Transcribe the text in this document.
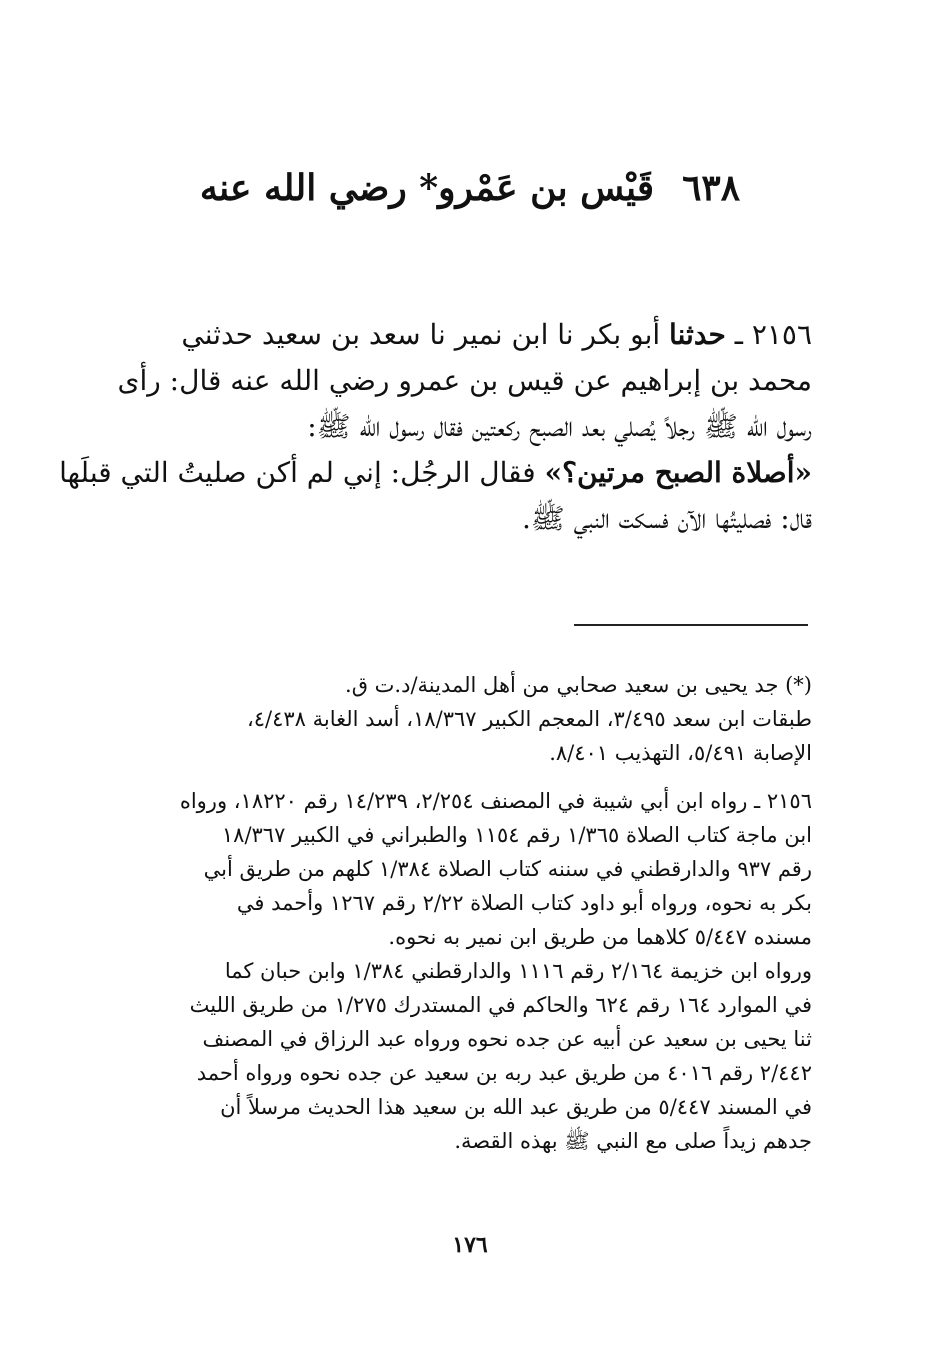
٦٣٨قَيْس بن عَمْرو* رضي الله عنه
٢١٥٦ ـ حدثنا أبو بكر نا ابن نمير نا سعد بن سعيد حدثني
محمد بن إبراهيم عن قيس بن عمرو رضي الله عنه قال: رأى
رسول الله ﷺ رجلاً يُصلي بعد الصبح ركعتين فقال رسول الله ﷺ:
«أصلاة الصبح مرتين؟» فقال الرجُل: إني لم أكن صليتُ التي قبلَها
قال: فصليتُها الآن فسكت النبي ﷺ.
(*) جد يحيى بن سعيد صحابي من أهل المدينة/د.ت ق.
طبقات ابن سعد ٣/٤٩٥، المعجم الكبير ١٨/٣٦٧، أسد الغابة ٤/٤٣٨،
الإصابة ٥/٤٩١، التهذيب ٨/٤٠١.
٢١٥٦ ـ رواه ابن أبي شيبة في المصنف ٢/٢٥٤، ١٤/٢٣٩ رقم ١٨٢٢٠، ورواه
ابن ماجة كتاب الصلاة ١/٣٦٥ رقم ١١٥٤ والطبراني في الكبير ١٨/٣٦٧
رقم ٩٣٧ والدارقطني في سننه كتاب الصلاة ١/٣٨٤ كلهم من طريق أبي
بكر به نحوه، ورواه أبو داود كتاب الصلاة ٢/٢٢ رقم ١٢٦٧ وأحمد في
مسنده ٥/٤٤٧ كلاهما من طريق ابن نمير به نحوه.
ورواه ابن خزيمة ٢/١٦٤ رقم ١١١٦ والدارقطني ١/٣٨٤ وابن حبان كما
في الموارد ١٦٤ رقم ٦٢٤ والحاكم في المستدرك ١/٢٧٥ من طريق الليث
ثنا يحيى بن سعيد عن أبيه عن جده نحوه ورواه عبد الرزاق في المصنف
٢/٤٤٢ رقم ٤٠١٦ من طريق عبد ربه بن سعيد عن جده نحوه ورواه أحمد
في المسند ٥/٤٤٧ من طريق عبد الله بن سعيد هذا الحديث مرسلاً أن
جدهم زيداً صلى مع النبي ﷺ بهذه القصة.
١٧٦
